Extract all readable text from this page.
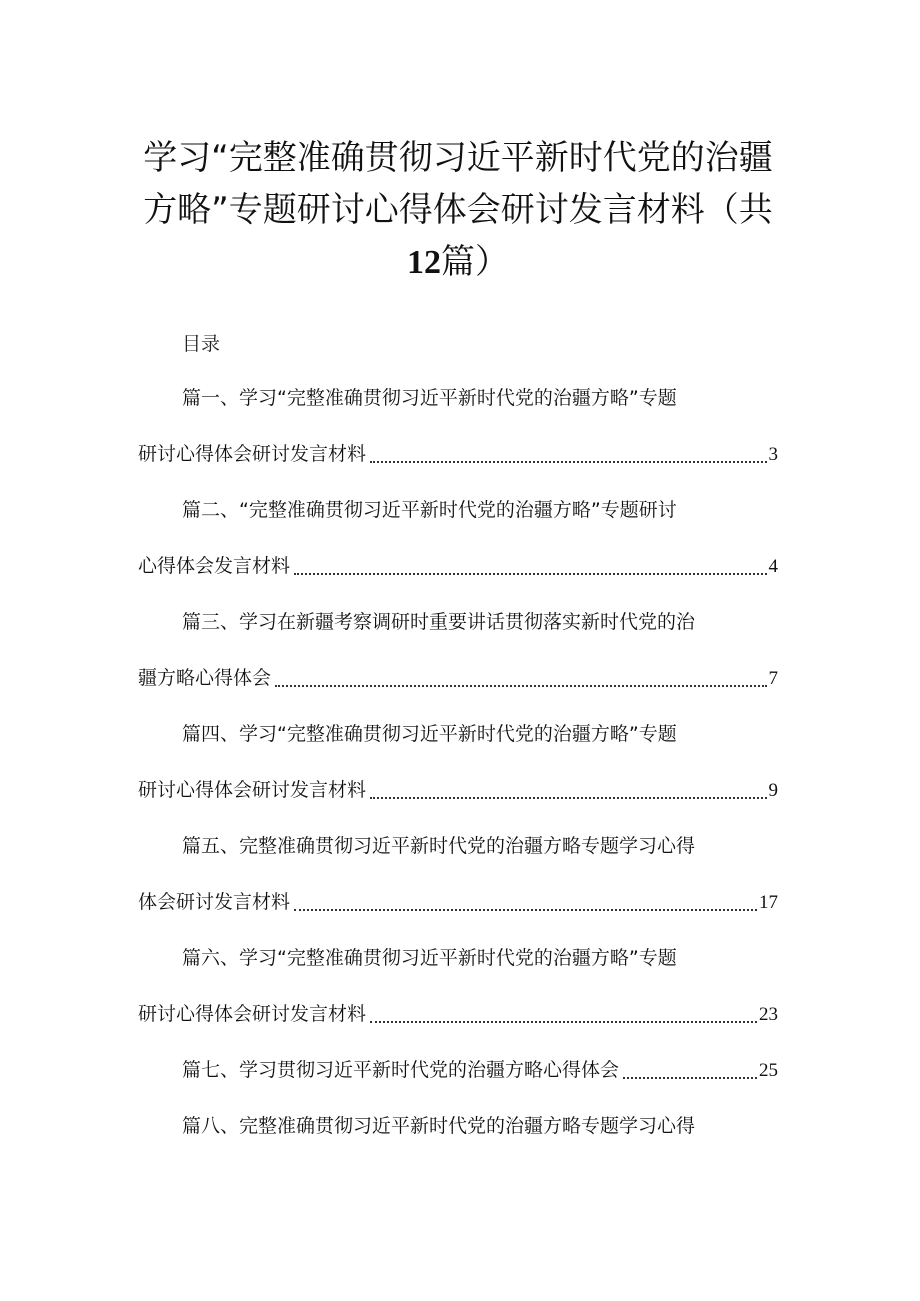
学习“完整准确贯彻习近平新时代党的治疆
方略”专题研讨心得体会研讨发言材料（共
12篇）
目录
篇一、学习“完整准确贯彻习近平新时代党的治疆方略”专题
研讨心得体会研讨发言材料	3
篇二、“完整准确贯彻习近平新时代党的治疆方略”专题研讨
心得体会发言材料	4
篇三、学习在新疆考察调研时重要讲话贯彻落实新时代党的治
疆方略心得体会	7
篇四、学习“完整准确贯彻习近平新时代党的治疆方略”专题
研讨心得体会研讨发言材料	9
篇五、完整准确贯彻习近平新时代党的治疆方略专题学习心得
体会研讨发言材料	17
篇六、学习“完整准确贯彻习近平新时代党的治疆方略”专题
研讨心得体会研讨发言材料	23
篇七、学习贯彻习近平新时代党的治疆方略心得体会	25
篇八、完整准确贯彻习近平新时代党的治疆方略专题学习心得
